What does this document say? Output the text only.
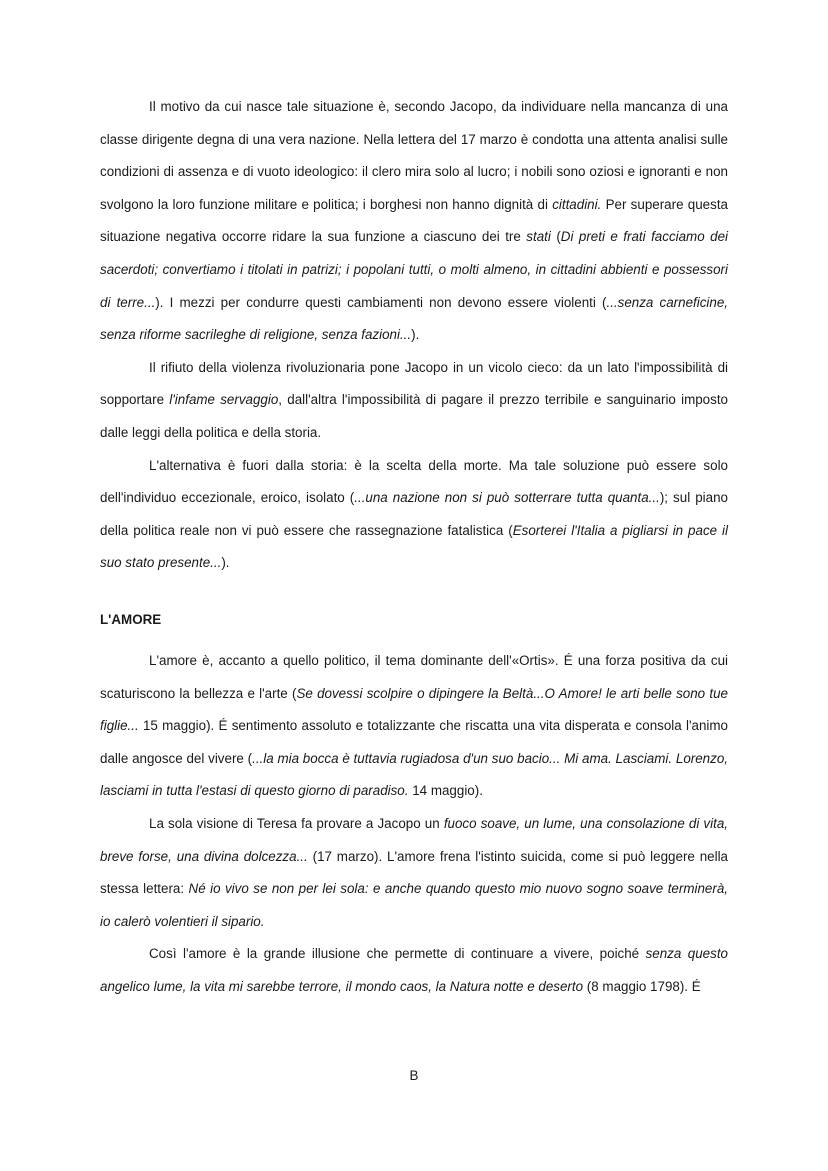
Il motivo da cui nasce tale situazione è, secondo Jacopo, da individuare nella mancanza di una classe dirigente degna di una vera nazione. Nella lettera del 17 marzo è condotta una attenta analisi sulle condizioni di assenza e di vuoto ideologico: il clero mira solo al lucro; i nobili sono oziosi e ignoranti e non svolgono la loro funzione militare e politica; i borghesi non hanno dignità di cittadini. Per superare questa situazione negativa occorre ridare la sua funzione a ciascuno dei tre stati (Di preti e frati facciamo dei sacerdoti; convertiamo i titolati in patrizi; i popolani tutti, o molti almeno, in cittadini abbienti e possessori di terre...). I mezzi per condurre questi cambiamenti non devono essere violenti (...senza carneficine, senza riforme sacrileghe di religione, senza fazioni...).

Il rifiuto della violenza rivoluzionaria pone Jacopo in un vicolo cieco: da un lato l'impossibilità di sopportare l'infame servaggio, dall'altra l'impossibilità di pagare il prezzo terribile e sanguinario imposto dalle leggi della politica e della storia.

L'alternativa è fuori dalla storia: è la scelta della morte. Ma tale soluzione può essere solo dell'individuo eccezionale, eroico, isolato (...una nazione non si può sotterrare tutta quanta...); sul piano della politica reale non vi può essere che rassegnazione fatalistica (Esorterei l'Italia a pigliarsi in pace il suo stato presente...).

L'AMORE

L'amore è, accanto a quello politico, il tema dominante dell'«Ortis». É una forza positiva da cui scaturiscono la bellezza e l'arte (Se dovessi scolpire o dipingere la Beltà...O Amore! le arti belle sono tue figlie... 15 maggio). É sentimento assoluto e totalizzante che riscatta una vita disperata e consola l'animo dalle angosce del vivere (...la mia bocca è tuttavia rugiadosa d'un suo bacio... Mi ama. Lasciami. Lorenzo, lasciami in tutta l'estasi di questo giorno di paradiso. 14 maggio).

La sola visione di Teresa fa provare a Jacopo un fuoco soave, un lume, una consolazione di vita, breve forse, una divina dolcezza... (17 marzo). L'amore frena l'istinto suicida, come si può leggere nella stessa lettera: Né io vivo se non per lei sola: e anche quando questo mio nuovo sogno soave terminerà, io calerò volentieri il sipario.

Così l'amore è la grande illusione che permette di continuare a vivere, poiché senza questo angelico lume, la vita mi sarebbe terrore, il mondo caos, la Natura notte e deserto (8 maggio 1798). É

B
